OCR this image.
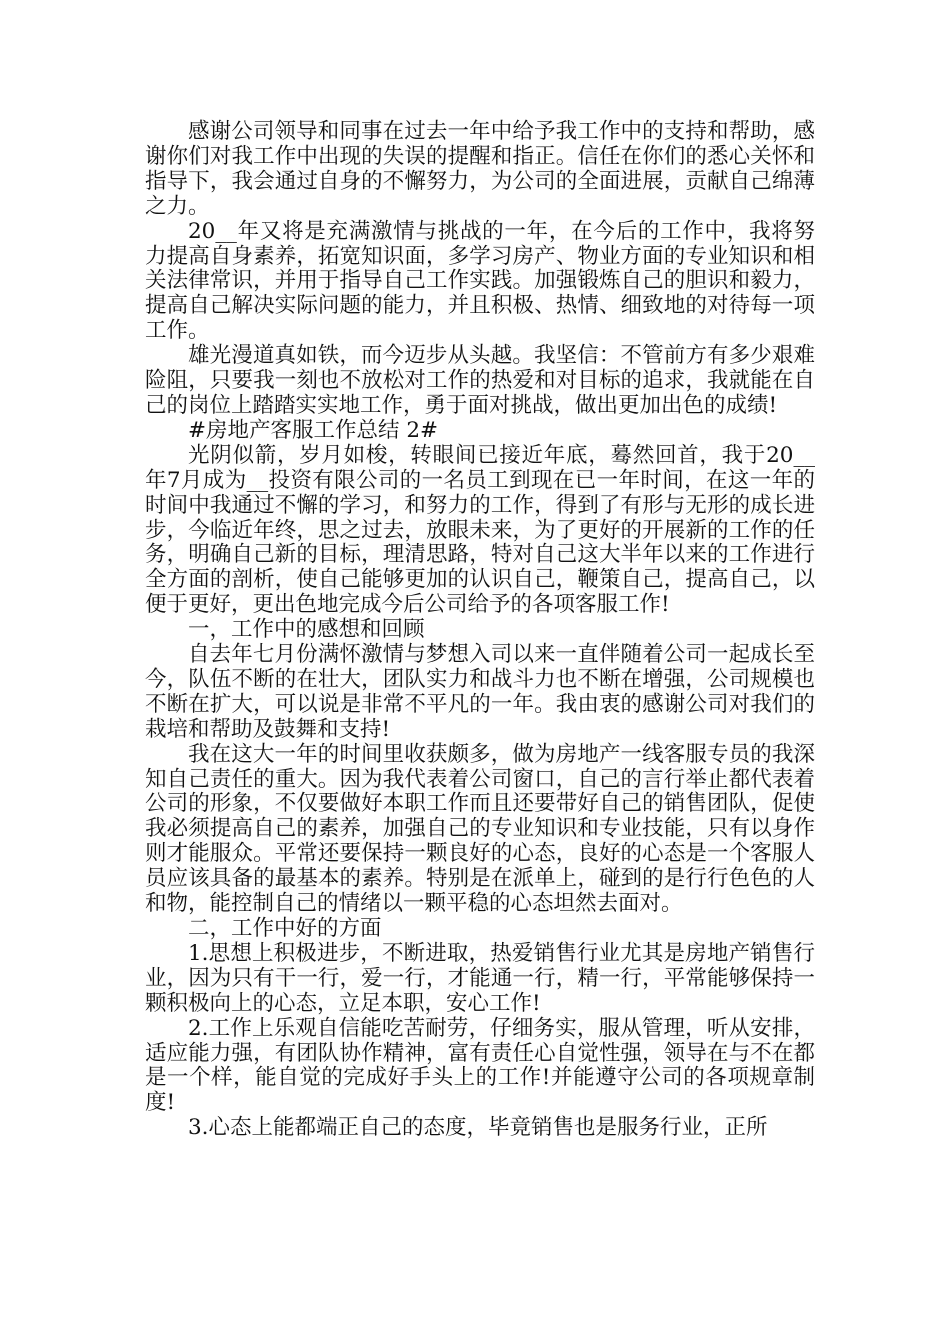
感谢公司领导和同事在过去一年中给予我工作中的支持和帮助，感谢你们对我工作中出现的失误的提醒和指正。信任在你们的悉心关怀和指导下，我会通过自身的不懈努力，为公司的全面进展，贡献自己绵薄之力。

20__年又将是充满激情与挑战的一年，在今后的工作中，我将努力提高自身素养，拓宽知识面，多学习房产、物业方面的专业知识和相关法律常识，并用于指导自己工作实践。加强锻炼自己的胆识和毅力，提高自己解决实际问题的能力，并且积极、热情、细致地的对待每一项工作。

雄光漫道真如铁，而今迈步从头越。我坚信：不管前方有多少艰难险阻，只要我一刻也不放松对工作的热爱和对目标的追求，我就能在自己的岗位上踏踏实实地工作，勇于面对挑战，做出更加出色的成绩!

#房地产客服工作总结 2#

光阴似箭，岁月如梭，转眼间已接近年底，蓦然回首，我于20__年7月成为__投资有限公司的一名员工到现在已一年时间，在这一年的时间中我通过不懈的学习，和努力的工作，得到了有形与无形的成长进步，今临近年终，思之过去，放眼未来，为了更好的开展新的工作的任务，明确自己新的目标，理清思路，特对自己这大半年以来的工作进行全方面的剖析，使自己能够更加的认识自己，鞭策自己，提高自己，以便于更好，更出色地完成今后公司给予的各项客服工作!

一，工作中的感想和回顾

自去年七月份满怀激情与梦想入司以来一直伴随着公司一起成长至今，队伍不断的在壮大，团队实力和战斗力也不断在增强，公司规模也不断在扩大，可以说是非常不平凡的一年。我由衷的感谢公司对我们的栽培和帮助及鼓舞和支持!

我在这大一年的时间里收获颇多，做为房地产一线客服专员的我深知自己责任的重大。因为我代表着公司窗口，自己的言行举止都代表着公司的形象，不仅要做好本职工作而且还要带好自己的销售团队，促使我必须提高自己的素养，加强自己的专业知识和专业技能，只有以身作则才能服众。平常还要保持一颗良好的心态，良好的心态是一个客服人员应该具备的最基本的素养。特别是在派单上，碰到的是行行色色的人和物，能控制自己的情绪以一颗平稳的心态坦然去面对。

二，工作中好的方面

1.思想上积极进步，不断进取，热爱销售行业尤其是房地产销售行业，因为只有干一行，爱一行，才能通一行，精一行，平常能够保持一颗积极向上的心态，立足本职，安心工作!

2.工作上乐观自信能吃苦耐劳，仔细务实，服从管理，听从安排，适应能力强，有团队协作精神，富有责任心自觉性强，领导在与不在都是一个样，能自觉的完成好手头上的工作!并能遵守公司的各项规章制度!

3.心态上能都端正自己的态度，毕竟销售也是服务行业，正所
